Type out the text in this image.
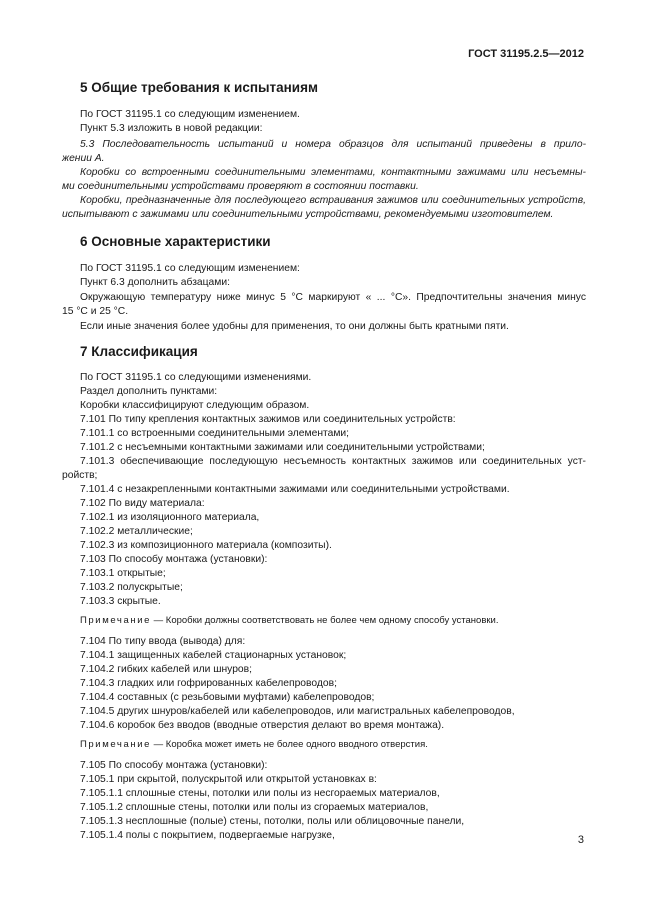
ГОСТ 31195.2.5—2012
5 Общие требования к испытаниям
По ГОСТ 31195.1 со следующим изменением.
Пункт 5.3 изложить в новой редакции:
5.3 Последовательность испытаний и номера образцов для испытаний приведены в прило-
жении А.
Коробки со встроенными соединительными элементами, контактными зажимами или несъемны-
ми соединительными устройствами проверяют в состоянии поставки.
Коробки, предназначенные для последующего встраивания зажимов или соединительных устройств,
испытывают с зажимами или соединительными устройствами, рекомендуемыми изготовителем.
6 Основные характеристики
По ГОСТ 31195.1 со следующим изменением:
Пункт 6.3 дополнить абзацами:
Окружающую температуру ниже минус 5 °С маркируют « ... °С». Предпочтительны значения минус
15 °С и 25 °С.
Если иные значения более удобны для применения, то они должны быть кратными пяти.
7 Классификация
По ГОСТ 31195.1 со следующими изменениями.
Раздел дополнить пунктами:
Коробки классифицируют следующим образом.
7.101 По типу крепления контактных зажимов или соединительных устройств:
7.101.1 со встроенными соединительными элементами;
7.101.2 с несъемными контактными зажимами или соединительными устройствами;
7.101.3 обеспечивающие последующую несъемность контактных зажимов или соединительных уст-
ройств;
7.101.4 с незакрепленными контактными зажимами или соединительными устройствами.
7.102 По виду материала:
7.102.1 из изоляционного материала,
7.102.2 металлические;
7.102.3 из композиционного материала (композиты).
7.103 По способу монтажа (установки):
7.103.1 открытые;
7.103.2 полускрытые;
7.103.3 скрытые.
Примечание — Коробки должны соответствовать не более чем одному способу установки.
7.104 По типу ввода (вывода) для:
7.104.1 защищенных кабелей стационарных установок;
7.104.2 гибких кабелей или шнуров;
7.104.3 гладких или гофрированных кабелепроводов;
7.104.4 составных (с резьбовыми муфтами) кабелепроводов;
7.104.5 других шнуров/кабелей или кабелепроводов, или магистральных кабелепроводов,
7.104.6 коробок без вводов (вводные отверстия делают во время монтажа).
Примечание — Коробка может иметь не более одного вводного отверстия.
7.105 По способу монтажа (установки):
7.105.1 при скрытой, полускрытой или открытой установках в:
7.105.1.1 сплошные стены, потолки или полы из несгораемых материалов,
7.105.1.2 сплошные стены, потолки или полы из сгораемых материалов,
7.105.1.3 несплошные (полые) стены, потолки, полы или облицовочные панели,
7.105.1.4 полы с покрытием, подвергаемые нагрузке,	3
